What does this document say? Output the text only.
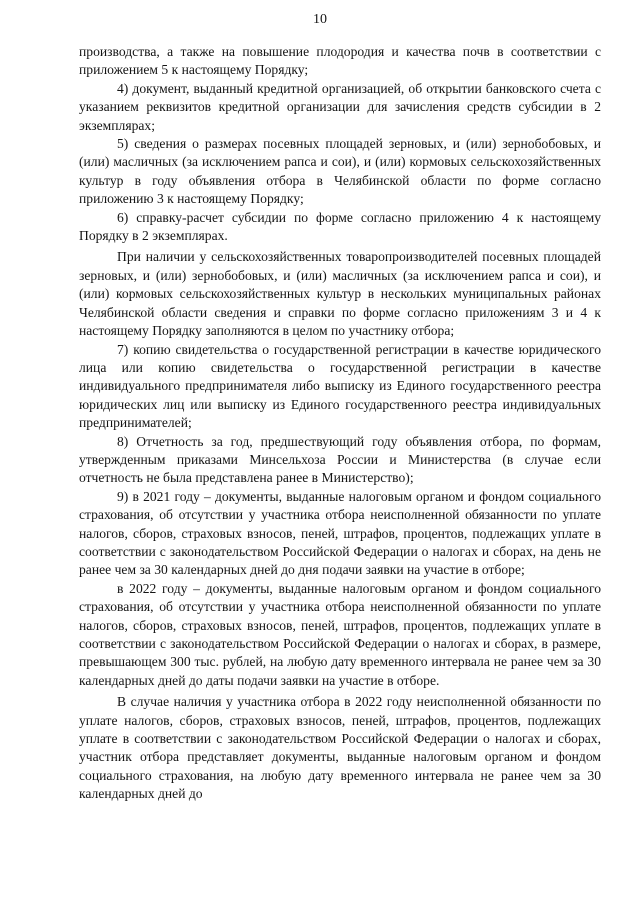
10

производства, а также на повышение плодородия и качества почв в соответствии с приложением 5 к настоящему Порядку;

4) документ, выданный кредитной организацией, об открытии банковского счета с указанием реквизитов кредитной организации для зачисления средств субсидии в 2 экземплярах;

5) сведения о размерах посевных площадей зерновых, и (или) зернобобовых, и (или) масличных (за исключением рапса и сои), и (или) кормовых сельскохозяйственных культур в году объявления отбора в Челябинской области по форме согласно приложению 3 к настоящему Порядку;

6) справку-расчет субсидии по форме согласно приложению 4 к настоящему Порядку в 2 экземплярах.

При наличии у сельскохозяйственных товаропроизводителей посевных площадей зерновых, и (или) зернобобовых, и (или) масличных (за исключением рапса и сои), и (или) кормовых сельскохозяйственных культур в нескольких муниципальных районах Челябинской области сведения и справки по форме согласно приложениям 3 и 4 к настоящему Порядку заполняются в целом по участнику отбора;

7) копию свидетельства о государственной регистрации в качестве юридического лица или копию свидетельства о государственной регистрации в качестве индивидуального предпринимателя либо выписку из Единого государственного реестра юридических лиц или выписку из Единого государственного реестра индивидуальных предпринимателей;

8) Отчетность за год, предшествующий году объявления отбора, по формам, утвержденным приказами Минсельхоза России и Министерства (в случае если отчетность не была представлена ранее в Министерство);

9) в 2021 году – документы, выданные налоговым органом и фондом социального страхования, об отсутствии у участника отбора неисполненной обязанности по уплате налогов, сборов, страховых взносов, пеней, штрафов, процентов, подлежащих уплате в соответствии с законодательством Российской Федерации о налогах и сборах, на день не ранее чем за 30 календарных дней до дня подачи заявки на участие в отборе;

в 2022 году – документы, выданные налоговым органом и фондом социального страхования, об отсутствии у участника отбора неисполненной обязанности по уплате налогов, сборов, страховых взносов, пеней, штрафов, процентов, подлежащих уплате в соответствии с законодательством Российской Федерации о налогах и сборах, в размере, превышающем 300 тыс. рублей, на любую дату временного интервала не ранее чем за 30 календарных дней до даты подачи заявки на участие в отборе.

В случае наличия у участника отбора в 2022 году неисполненной обязанности по уплате налогов, сборов, страховых взносов, пеней, штрафов, процентов, подлежащих уплате в соответствии с законодательством Российской Федерации о налогах и сборах, участник отбора представляет документы, выданные налоговым органом и фондом социального страхования, на любую дату временного интервала не ранее чем за 30 календарных дней до
